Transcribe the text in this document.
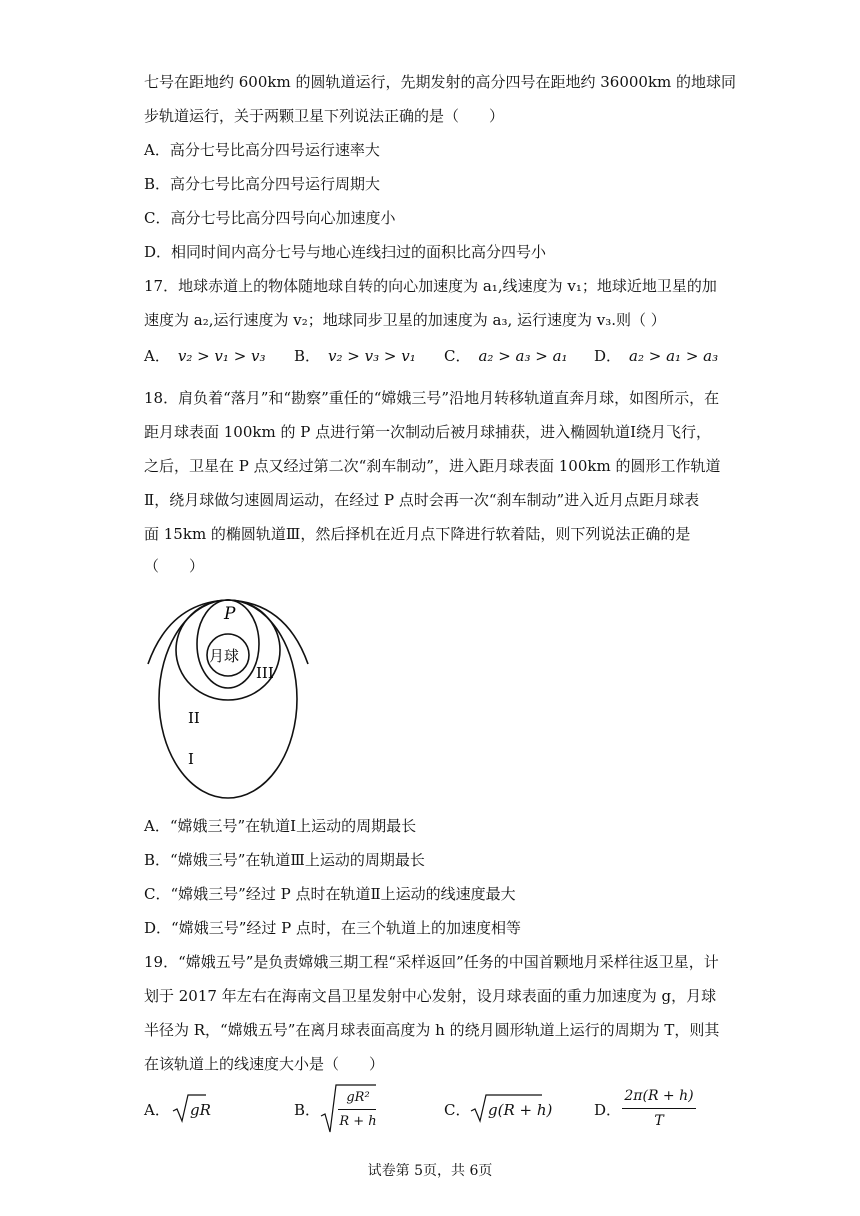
七号在距地约 600km 的圆轨道运行，先期发射的高分四号在距地约 36000km 的地球同
步轨道运行，关于两颗卫星下列说法正确的是（　　）
A．高分七号比高分四号运行速率大
B．高分七号比高分四号运行周期大
C．高分七号比高分四号向心加速度小
D．相同时间内高分七号与地心连线扫过的面积比高分四号小
17．地球赤道上的物体随地球自转的向心加速度为 a₁,线速度为 v₁；地球近地卫星的加
速度为 a₂,运行速度为 v₂；地球同步卫星的加速度为 a₃, 运行速度为 v₃.则（ ）
A． v₂ > v₁ > v₃ B． v₂ > v₃ > v₁ C． a₂ > a₃ > a₁ D． a₂ > a₁ > a₃
18．肩负着“落月”和“勘察”重任的“嫦娥三号”沿地月转移轨道直奔月球，如图所示，在
距月球表面 100km 的 P 点进行第一次制动后被月球捕获，进入椭圆轨道Ⅰ绕月飞行，
之后，卫星在 P 点又经过第二次“刹车制动”，进入距月球表面 100km 的圆形工作轨道
Ⅱ，绕月球做匀速圆周运动，在经过 P 点时会再一次“刹车制动”进入近月点距月球表
面 15km 的椭圆轨道Ⅲ，然后择机在近月点下降进行软着陆，则下列说法正确的是
（　　）
P
月球
III
II
I
A．“嫦娥三号”在轨道Ⅰ上运动的周期最长
B．“嫦娥三号”在轨道Ⅲ上运动的周期最长
C．“嫦娥三号”经过 P 点时在轨道Ⅱ上运动的线速度最大
D．“嫦娥三号”经过 P 点时，在三个轨道上的加速度相等
19．“嫦娥五号”是负责嫦娥三期工程“采样返回”任务的中国首颗地月采样往返卫星，计
划于 2017 年左右在海南文昌卫星发射中心发射，设月球表面的重力加速度为 g，月球
半径为 R，“嫦娥五号”在离月球表面高度为 h 的绕月圆形轨道上运行的周期为 T，则其
在该轨道上的线速度大小是（　　）
A．	gR	B．
gR²
R + h
C．	g(R + h)	D．
2π(R + h)
T
试卷第 5页，共 6页
